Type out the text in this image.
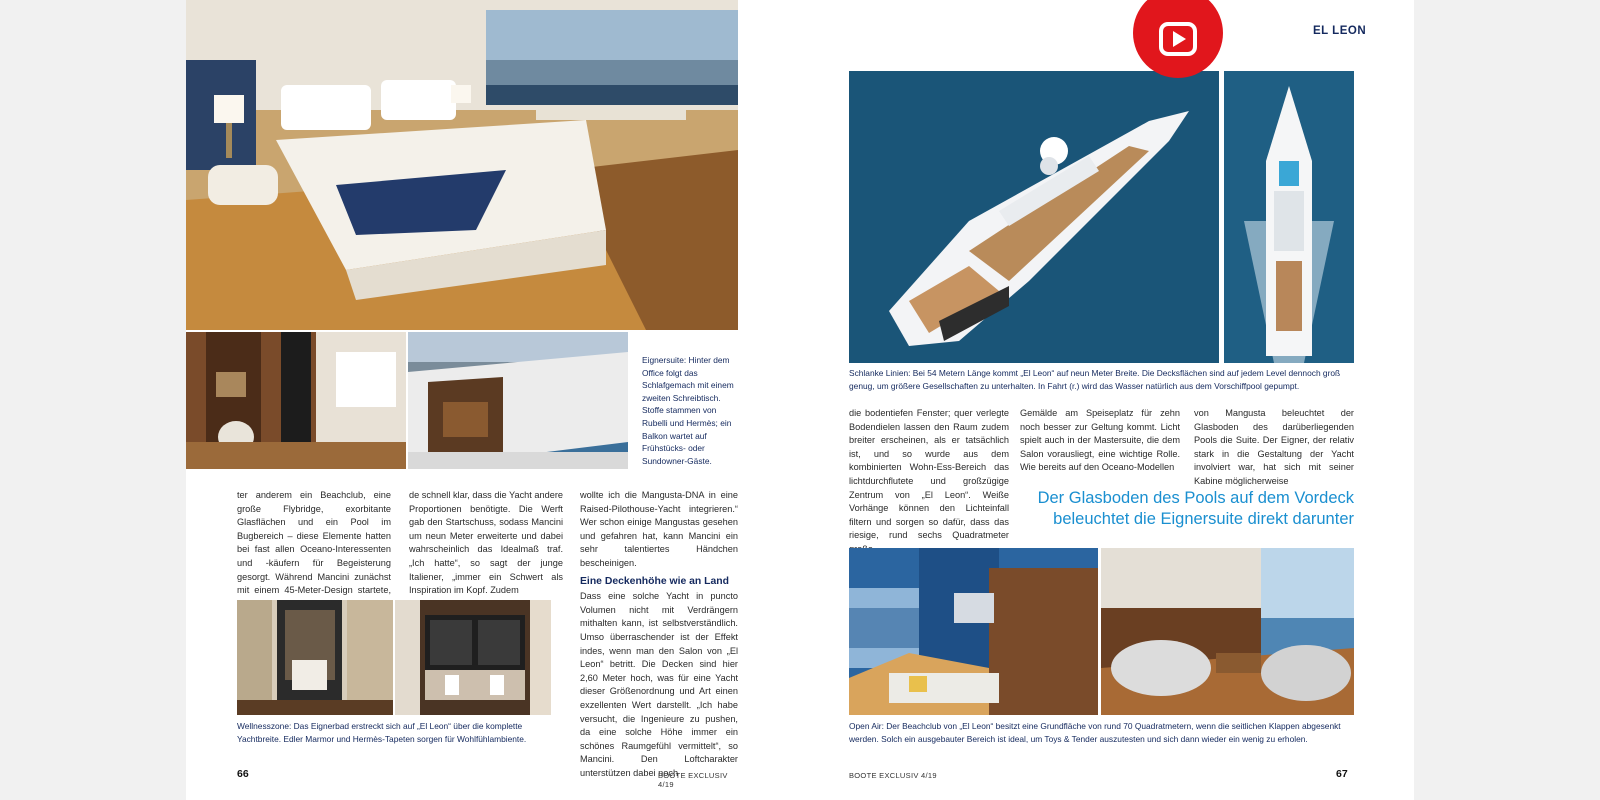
Eignersuite: Hinter dem Office folgt das Schlafgemach mit einem zweiten Schreibtisch. Stoffe stammen von Rubelli und Hermès; ein Balkon wartet auf Frühstücks- oder Sundowner-Gäste.

ter anderem ein Beachclub, eine große Flybridge, exorbitante Glasflächen und ein Pool im Bugbereich – diese Elemente hatten bei fast allen Oceano-Interessenten und -käufern für Begeisterung gesorgt. Während Mancini zunächst mit einem 45-Meter-Design startete,

de schnell klar, dass die Yacht andere Proportionen benötigte. Die Werft gab den Startschuss, sodass Mancini um neun Meter erweiterte und dabei wahrscheinlich das Idealmaß traf. „Ich hatte“, so sagt der junge Italiener, „immer ein Schwert als Inspiration im Kopf. Zudem

wollte ich die Mangusta-DNA in eine Raised-Pilothouse-Yacht integrieren.“ Wer schon einige Mangustas gesehen und gefahren hat, kann Mancini ein sehr talentiertes Händchen bescheinigen.
Eine Deckenhöhe wie an Land
Dass eine solche Yacht in puncto Volumen nicht mit Verdrängern mithalten kann, ist selbstverständlich. Umso überraschender ist der Effekt indes, wenn man den Salon von „El Leon“ betritt. Die Decken sind hier 2,60 Meter hoch, was für eine Yacht dieser Größenordnung und Art einen exzellenten Wert darstellt. „Ich habe versucht, die Ingenieure zu pushen, da eine solche Höhe immer ein schönes Raumgefühl vermittelt“, so Mancini. Den Loftcharakter unterstützen dabei noch

Wellnesszone: Das Eignerbad erstreckt sich auf „El Leon“ über die komplette Yachtbreite. Edler Marmor und Hermès-Tapeten sorgen für Wohlfühlambiente.

66	BOOTE EXCLUSIV 4/19
EL LEON

Schlanke Linien: Bei 54 Metern Länge kommt „El Leon“ auf neun Meter Breite. Die Decksflächen sind auf jedem Level dennoch groß genug, um größere Gesellschaften zu unterhalten. In Fahrt (r.) wird das Wasser natürlich aus dem Vorschiffpool gepumpt.

die bodentiefen Fenster; quer verlegte Bodendielen lassen den Raum zudem breiter erscheinen, als er tatsächlich ist, und so wurde aus dem kombinierten Wohn-Ess-Bereich das lichtdurchflutete und großzügige Zentrum von „El Leon“. Weiße Vorhänge können den Lichteinfall filtern und sorgen so dafür, dass das riesige, rund sechs Quadratmeter

Gemälde am Speiseplatz für zehn noch besser zur Geltung kommt. Licht spielt auch in der Mastersuite, die dem Salon vorausliegt, eine wichtige Rolle. Wie bereits auf den Oceano-Modellen

von Mangusta beleuchtet der Glasboden des darüberliegenden Pools die Suite. Der Eigner, der relativ stark in die Gestaltung der Yacht involviert war, hat sich mit seiner Kabine möglicherweise

Der Glasboden des Pools auf dem Vordeck beleuchtet die Eignersuite direkt darunter

Open Air: Der Beachclub von „El Leon“ besitzt eine Grundfläche von rund 70 Quadratmetern, wenn die seitlichen Klappen abgesenkt werden. Solch ein ausgebauter Bereich ist ideal, um Toys & Tender auszutesten und sich dann wieder ein wenig zu erholen.

BOOTE EXCLUSIV 4/19	67
